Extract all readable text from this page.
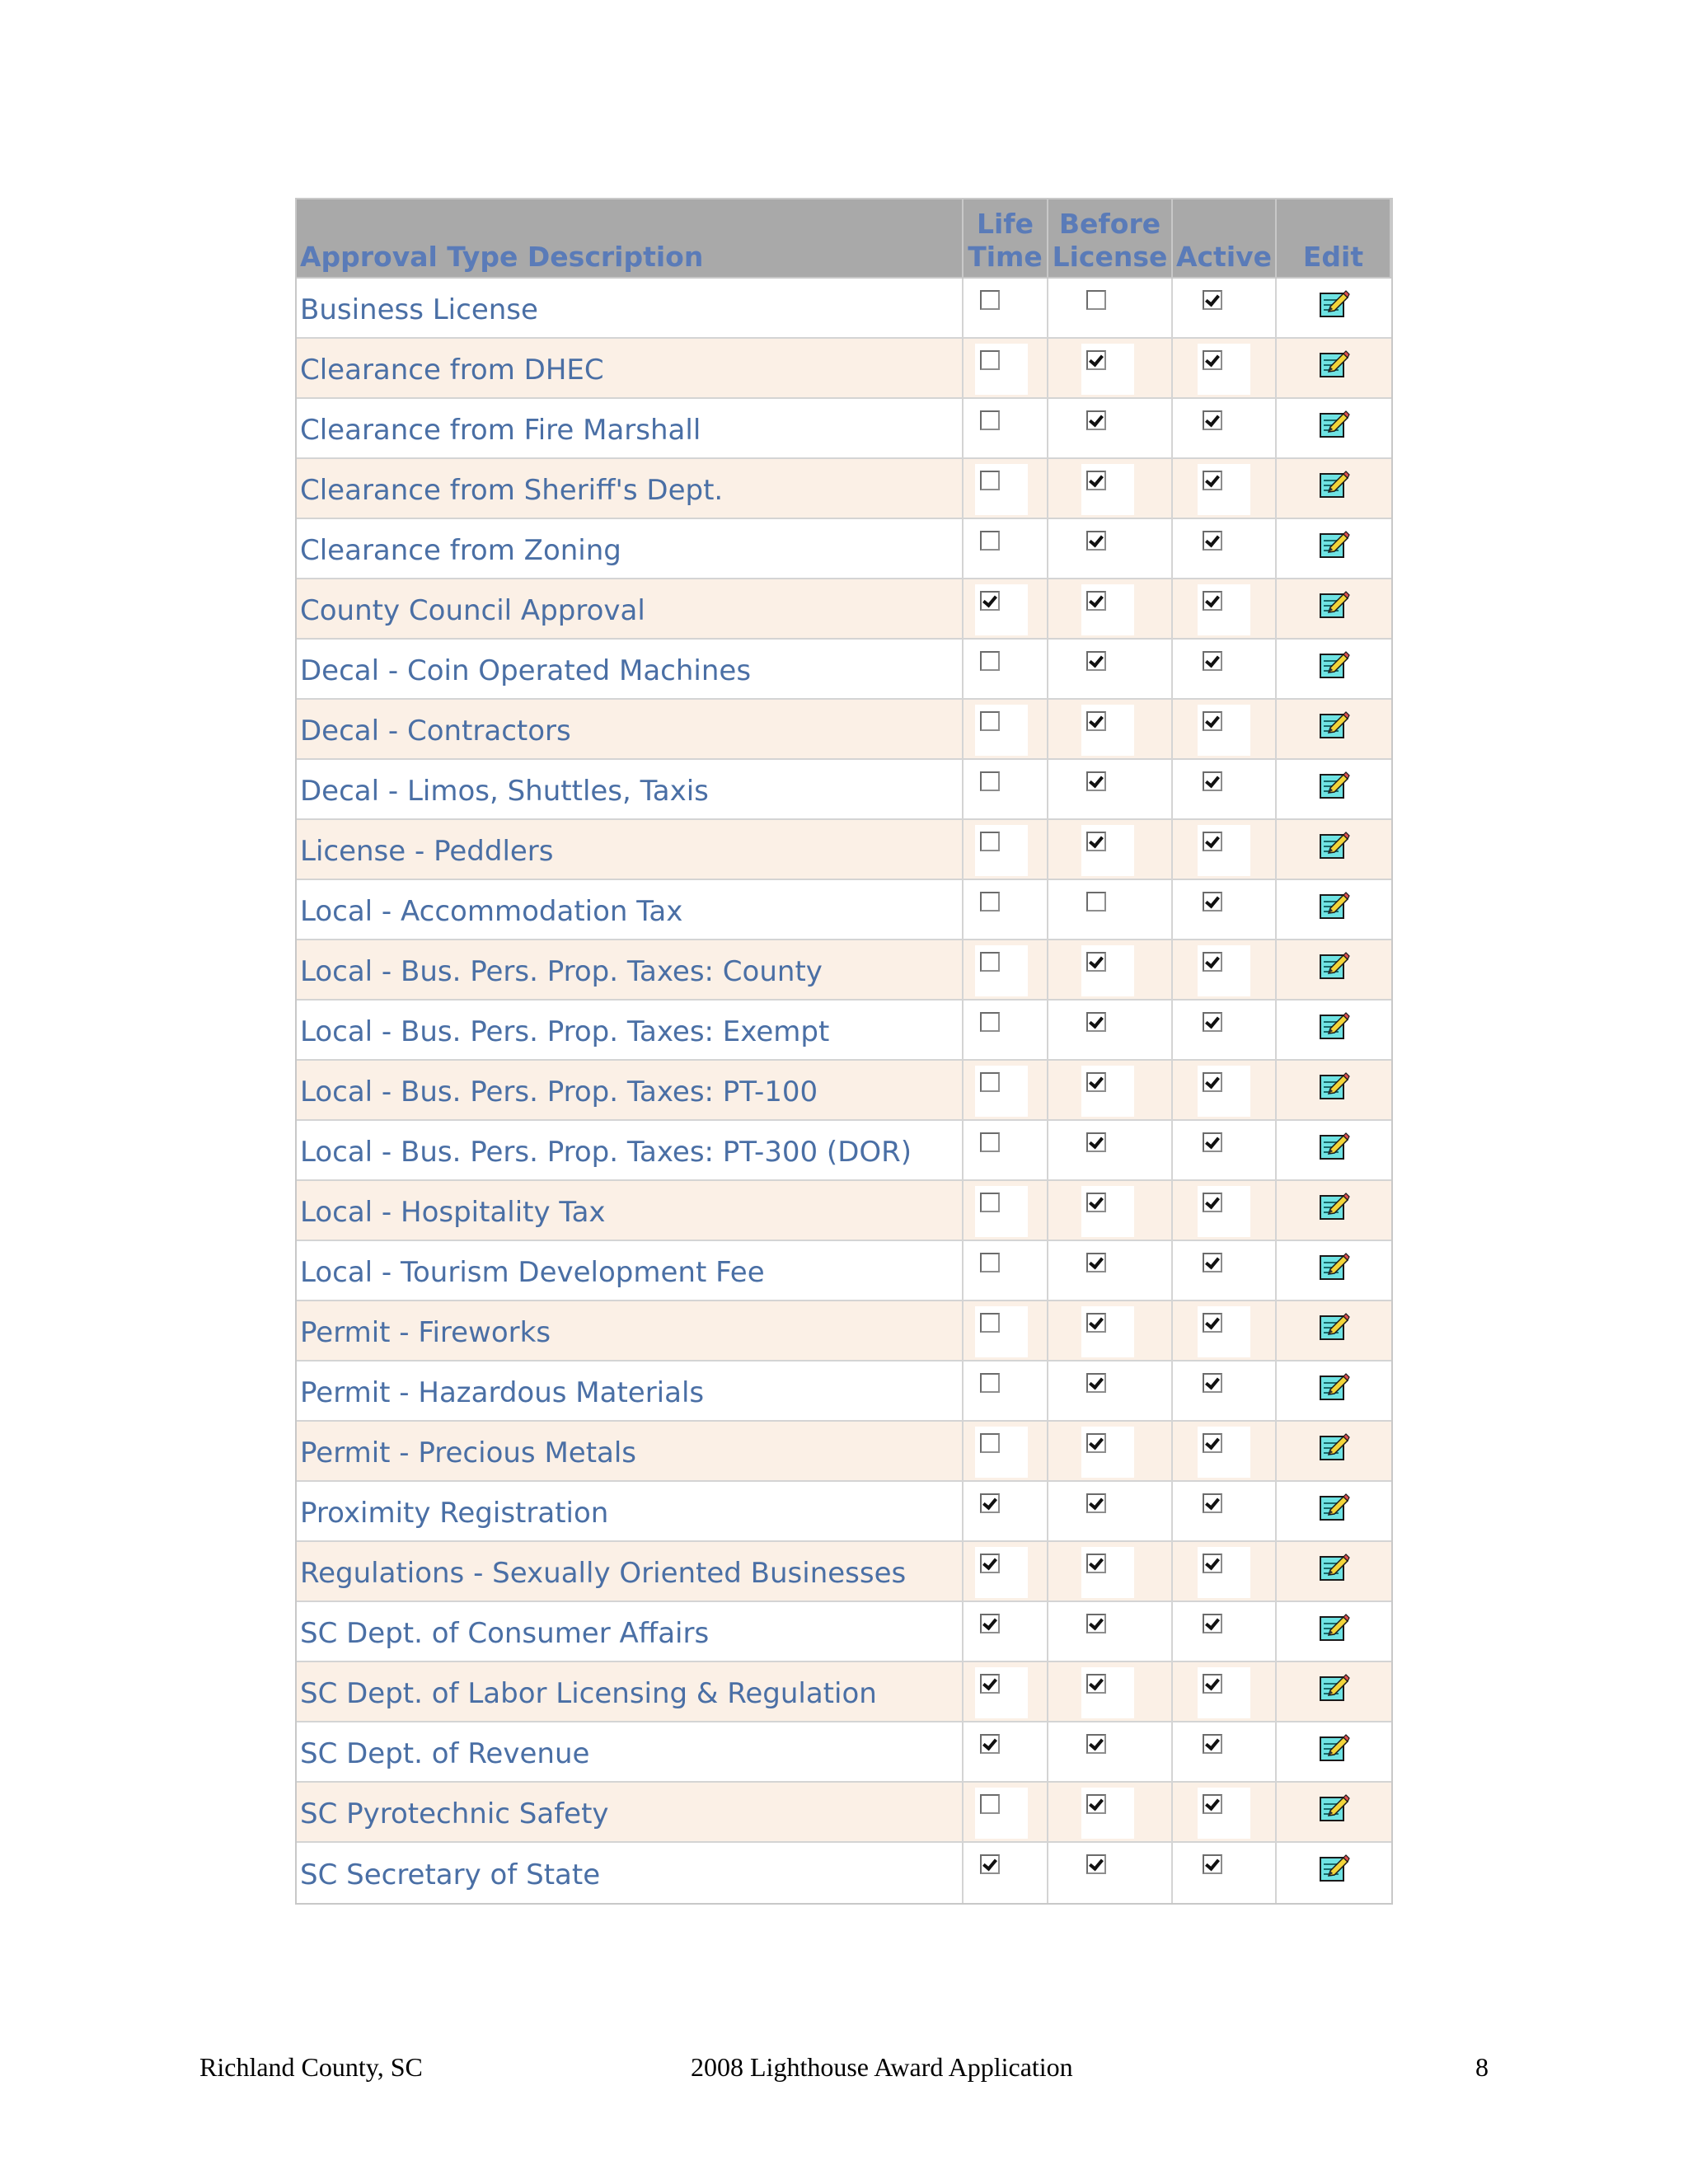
Approval Type Description
Life
Time
Before
License Active Edit
Business License
Clearance from DHEC
Clearance from Fire Marshall
Clearance from Sheriff's Dept.
Clearance from Zoning
County Council Approval
Decal - Coin Operated Machines
Decal - Contractors
Decal - Limos, Shuttles, Taxis
License - Peddlers
Local - Accommodation Tax
Local - Bus. Pers. Prop. Taxes: County
Local - Bus. Pers. Prop. Taxes: Exempt
Local - Bus. Pers. Prop. Taxes: PT-100
Local - Bus. Pers. Prop. Taxes: PT-300 (DOR)
Local - Hospitality Tax
Local - Tourism Development Fee
Permit - Fireworks
Permit - Hazardous Materials
Permit - Precious Metals
Proximity Registration
Regulations - Sexually Oriented Businesses
SC Dept. of Consumer Affairs
SC Dept. of Labor Licensing & Regulation
SC Dept. of Revenue
SC Pyrotechnic Safety
SC Secretary of State
Richland County, SC	2008 Lighthouse Award Application	8
